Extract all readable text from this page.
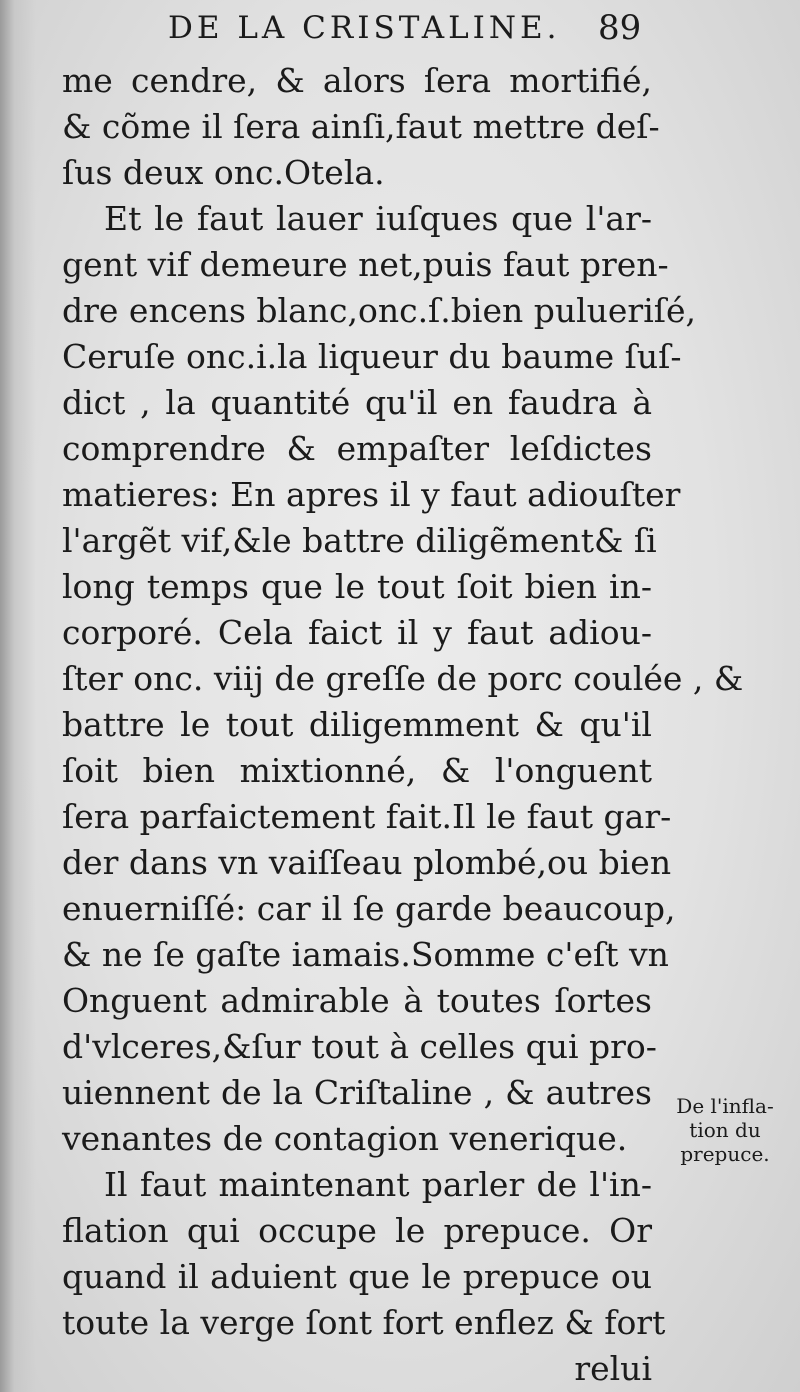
DE LA CRISTALINE. 89
me cendre, & alors ſera mortifié,
& cõme il ſera ainſi,faut mettre deſ-
ſus deux onc.Otela.
Et le faut lauer iuſques que l'ar-
gent vif demeure net,puis faut pren-
dre encens blanc,onc.ſ.bien pulueriſé,
Ceruſe onc.i.la liqueur du baume ſuſ-
dict , la quantité qu'il en faudra à
comprendre & empaſter leſdictes
matieres: En apres il y faut adiouſter
l'argẽt vif,&le battre diligẽment& ſi
long temps que le tout ſoit bien in-
corporé. Cela faict il y faut adiou-
ſter onc. viij de greſſe de porc coulée , &
battre le tout diligemment & qu'il
ſoit bien mixtionné, & l'onguent
ſera parfaictement fait.Il le faut gar-
der dans vn vaiſſeau plombé,ou bien
enuerniſſé: car il ſe garde beaucoup,
& ne ſe gaſte iamais.Somme c'eſt vn
Onguent admirable à toutes ſortes
d'vlceres,&ſur tout à celles qui pro-
uiennent de la Criſtaline , & autres
venantes de contagion venerique.
Il faut maintenant parler de l'in-
flation qui occupe le prepuce. Or
quand il aduient que le prepuce ou
toute la verge ſont fort enflez & fort
relui
De l'infla-
tion du
prepuce.
